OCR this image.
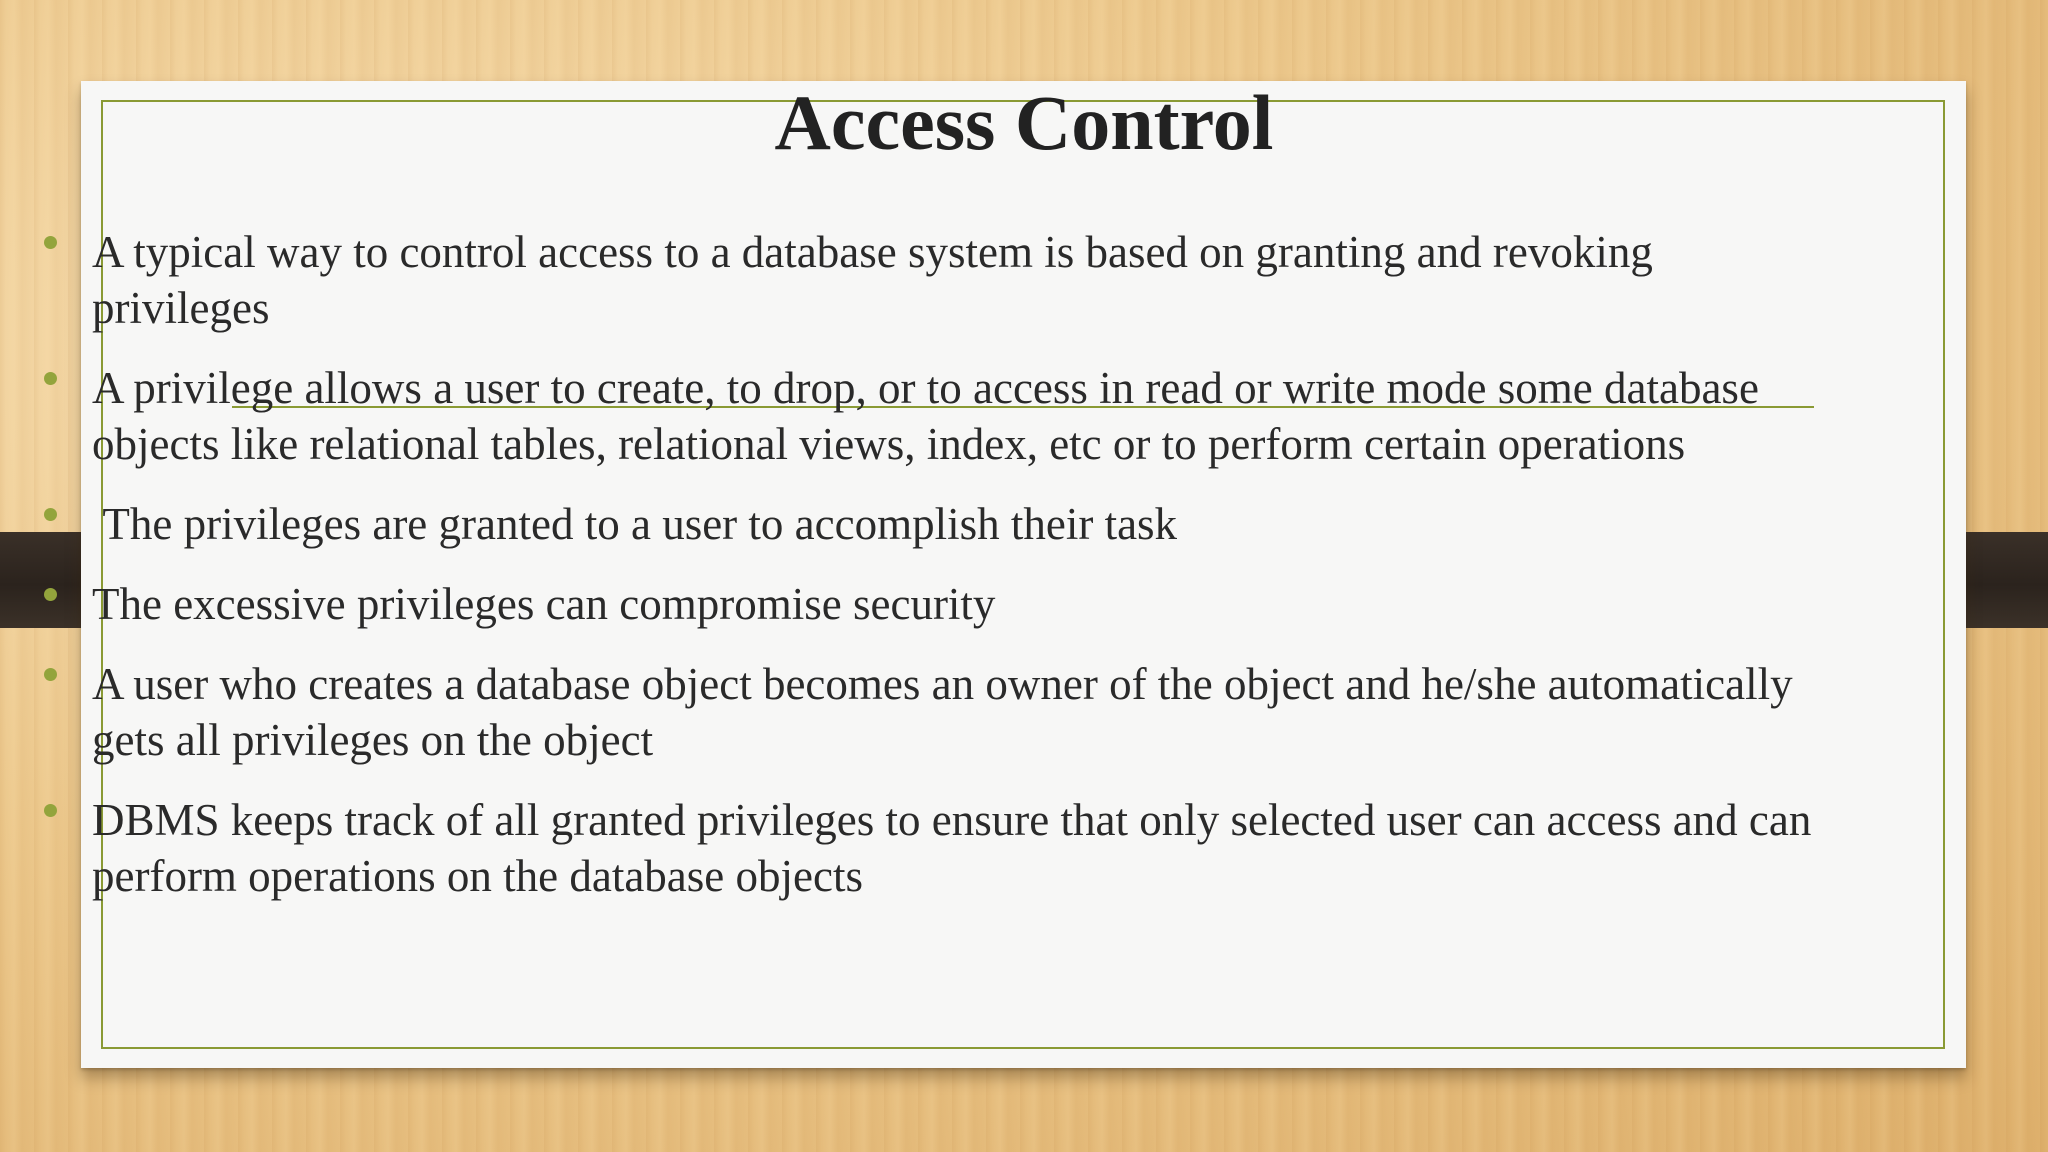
Access Control
A typical way to control access to a database system is based on granting and revoking privileges
A privilege allows a user to create, to drop, or to access in read or write mode some database objects like relational tables, relational views, index, etc or to perform certain operations
The privileges are granted to a user to accomplish their task
The excessive privileges can compromise security
A user who creates a database object becomes an owner of the object and he/she automatically gets all privileges on the object
DBMS keeps track of all granted privileges to ensure that only selected user can access and can perform operations on the database objects
